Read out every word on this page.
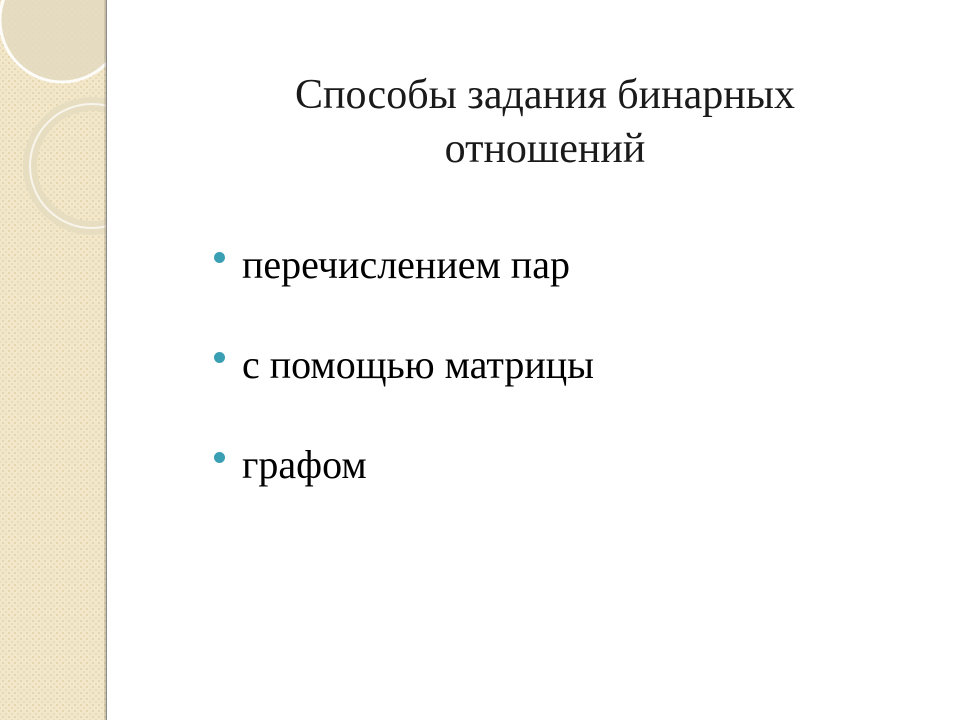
Способы задания бинарных
отношений
перечислением пар
с помощью матрицы
графом
